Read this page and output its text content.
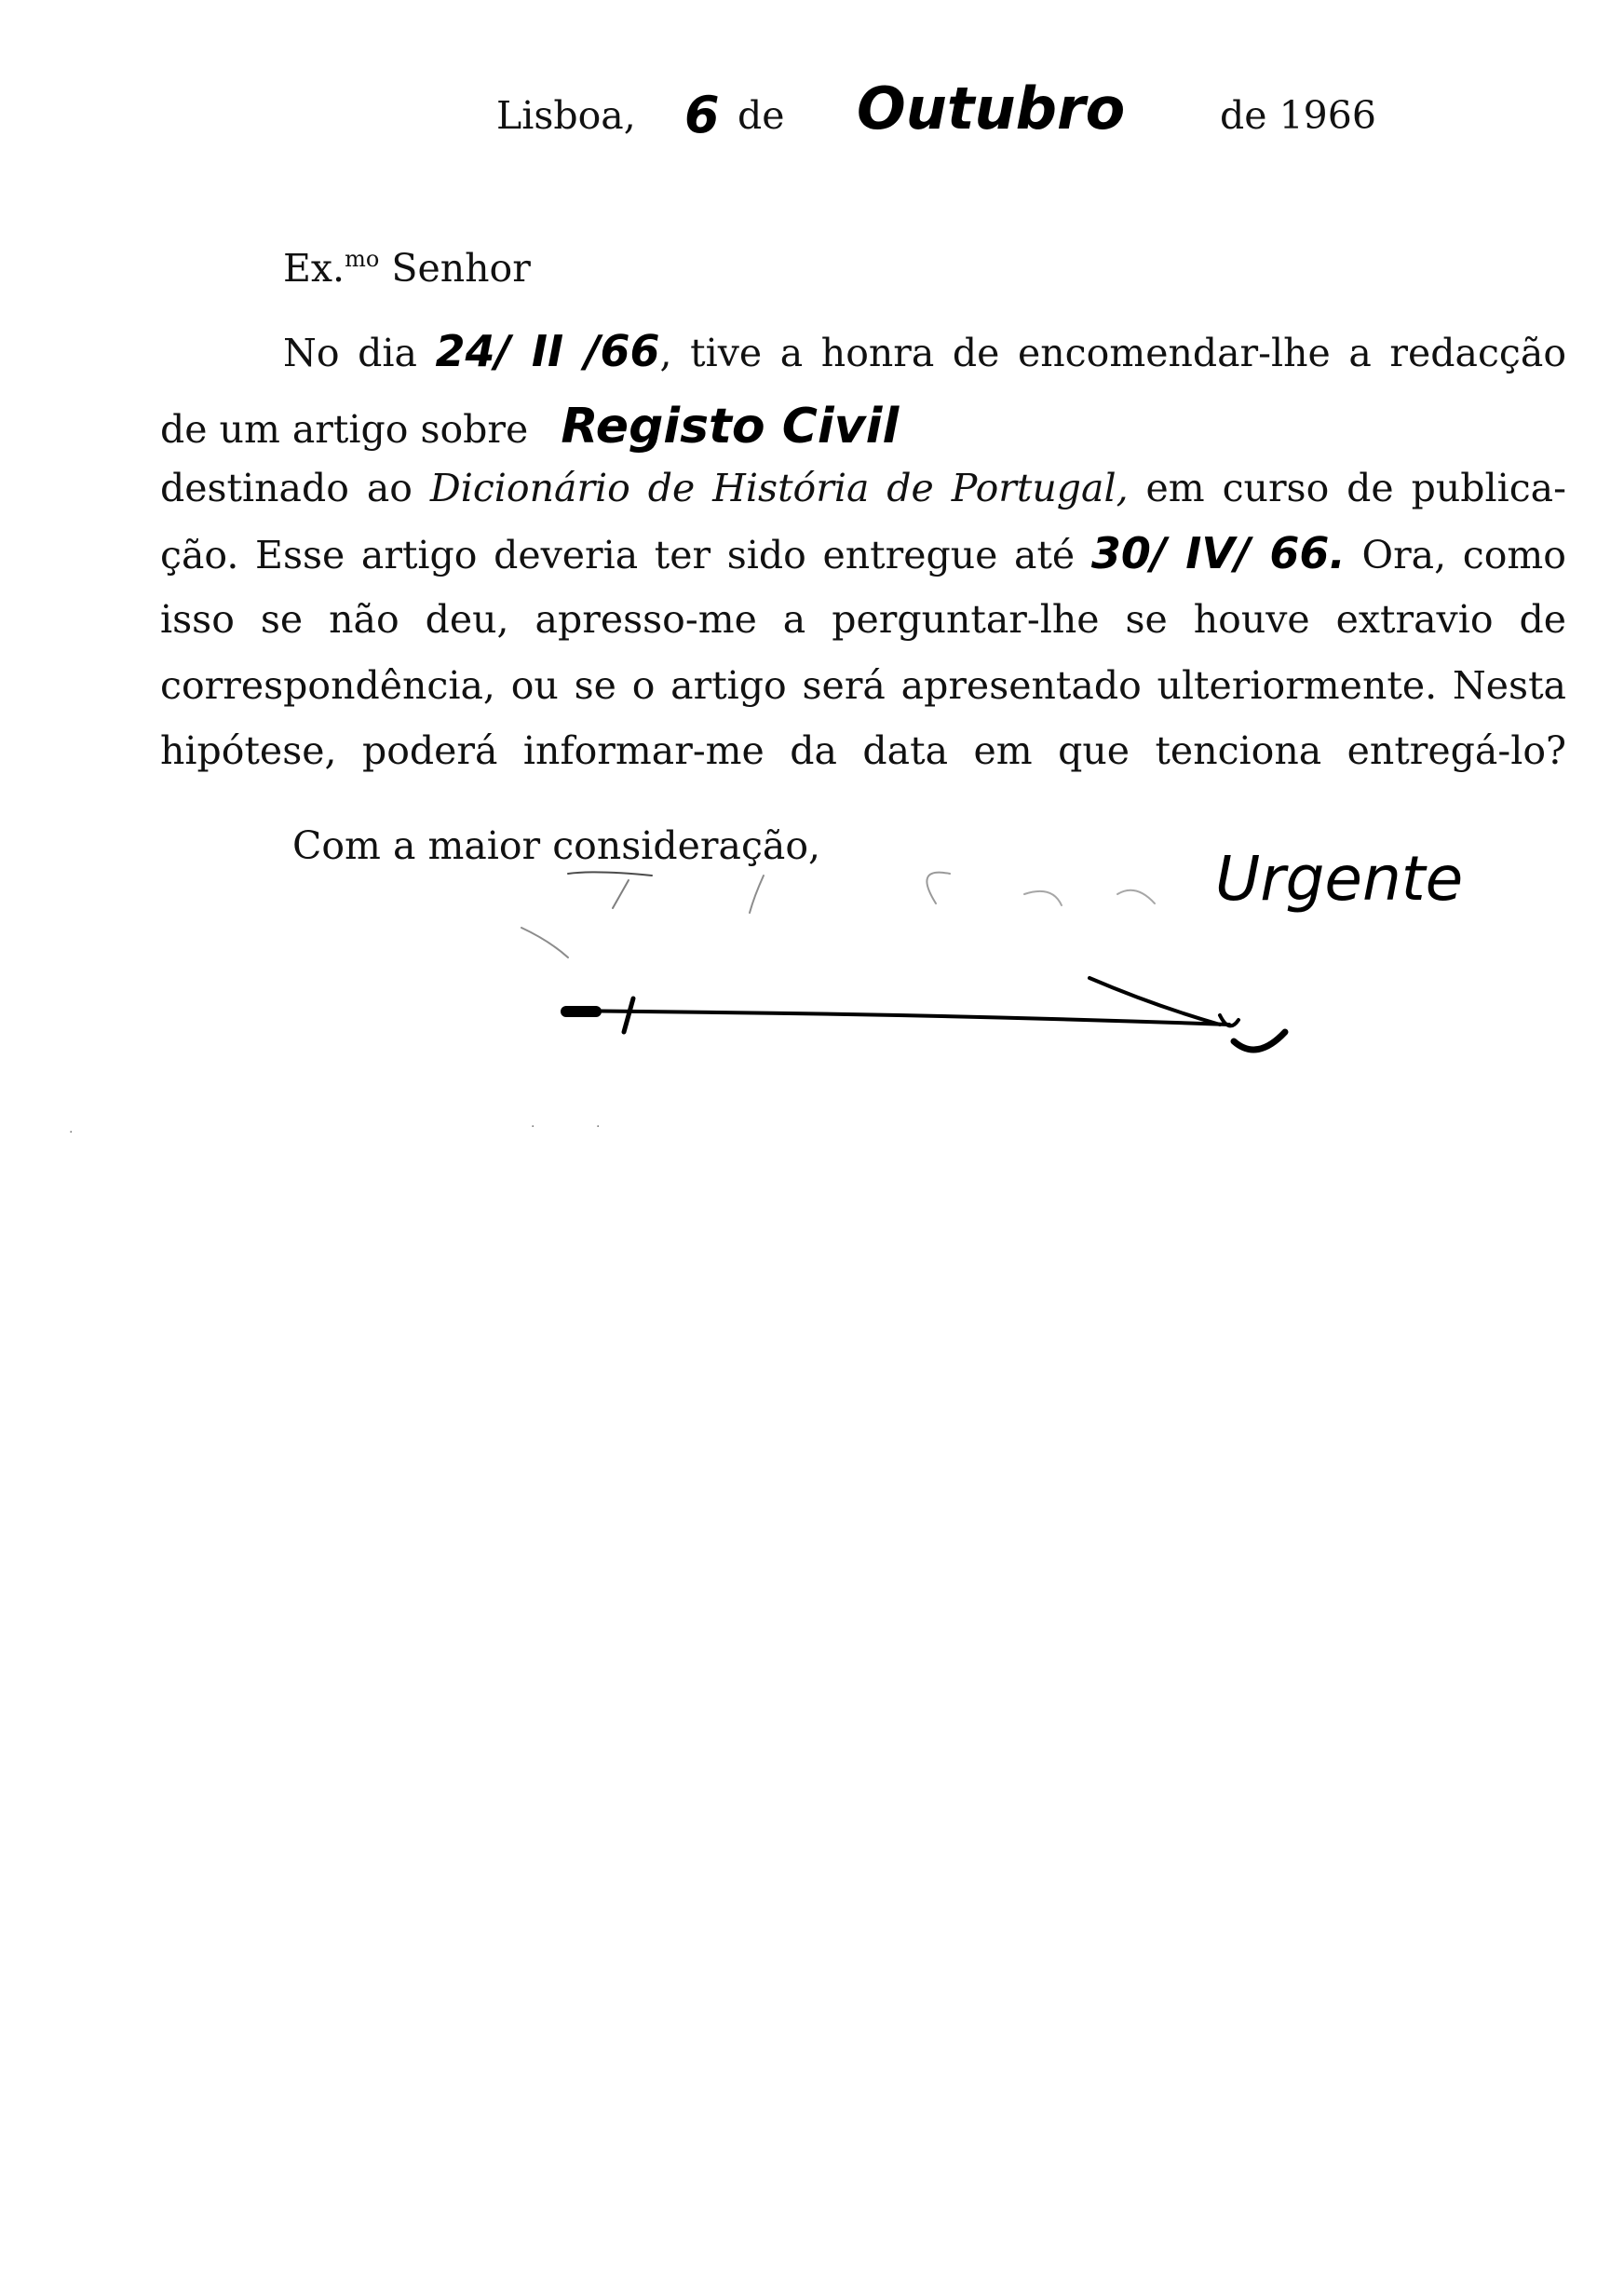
Lisboa, 6 de Outubro de 1966
Ex.$^{mo}$ Senhor
No dia 24/ II /66, tive a honra de encomendar-lhe a redacção
de um artigo sobre Registo Civil
destinado ao Dicionário de História de Portugal, em curso de publica-
ção. Esse artigo deveria ter sido entregue até 30/ IV/ 66. Ora, como
isso se não deu, apresso-me a perguntar-lhe se houve extravio de
correspondência, ou se o artigo será apresentado ulteriormente. Nesta
hipótese, poderá informar-me da data em que tenciona entregá-lo?
Com a maior consideração,	Urgente
·	·	·
